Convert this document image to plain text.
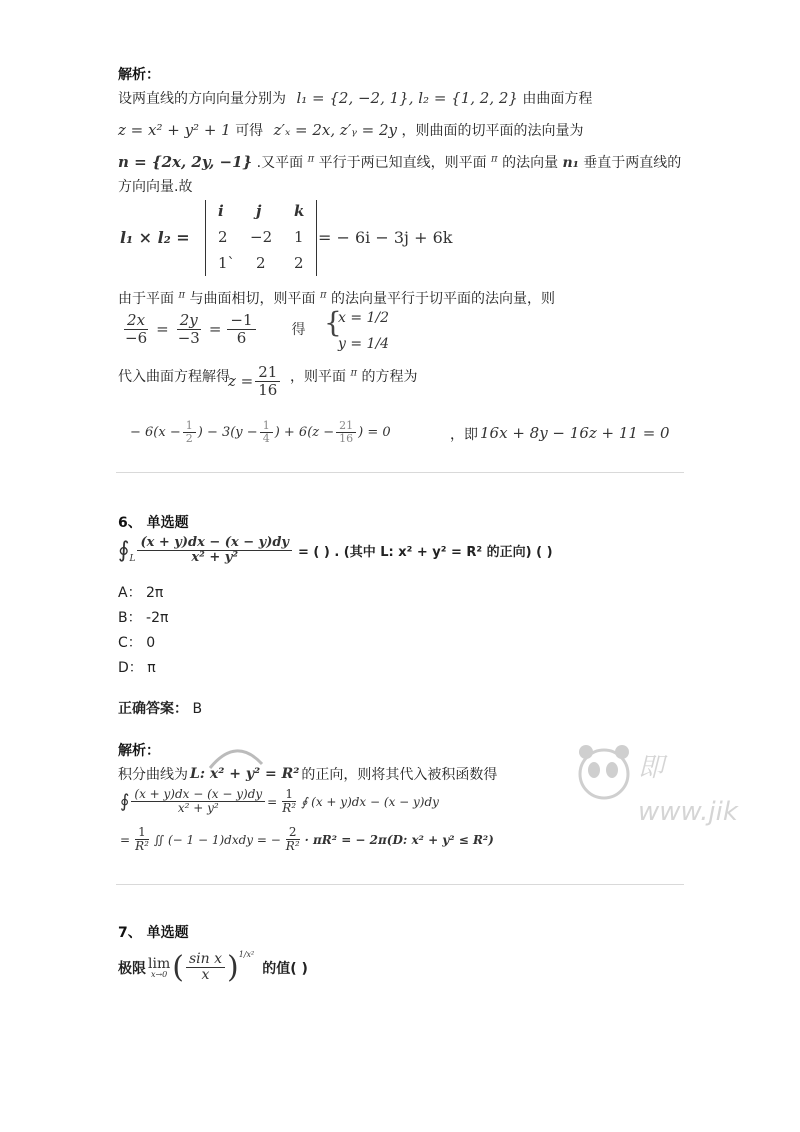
解析：
设两直线的方向向量分别为 l₁ = {2, −2, 1}, l₂ = {1, 2, 2} 由曲面方程
z = x² + y² + 1 可得 z′ₓ = 2x, z′ᵧ = 2y ，则曲面的切平面的法向量为
n = {2x, 2y, −1} .又平面 $^\pi$ 平行于两已知直线，则平面 $^\pi$ 的法向量 n₁ 垂直于两直线的
方向向量.故
l₁ × l₂ =
i j k
2 −2 1
1` 2 2
= − 6i − 3j + 6k
由于平面 $^\pi$ 与曲面相切，则平面 $^\pi$ 的法向量平行于切平面的法向量，则
$\frac{2x}{-6} = \frac{2y}{-3} = \frac{-1}{6}$	得 {
x = 1/2
y = 1/4
代入曲面方程解得
$z = \frac{21}{16}$ ，则平面 $^\pi$ 的方程为
− $6(x - \frac{1}{2}$ ) − $3(y - \frac{1}{4}$ ) + $6(z - \frac{21}{16}$ ) = 0	，即 16x + 8y − 16z + 11 = 0
6、 单选题
∮ L $\frac{(x + y)dx - (x - y)dy}{\text{x² + y²}}$ = ( ) . (其中 L: x² + y² = R² 的正向) ( )
A： 2π
B： -2π
C： 0
D： π
正确答案： B
解析：
即
www.jik
积分曲线为 L: x² + y² = R² 的正向，则将其代入被积函数得
∮ $\frac{(x + y)dx - (x - y)dy}{\text{x² + y²}} = \frac{1}{\text{R²}}$ ∮ (x + y)dx − (x − y)dy
= $\frac{1}{\text{R²}}$ ∬ (− 1 − 1)dxdy = − $\frac{2}{\text{R²}} \cdot \pi R^2$ = − 2π(D: x² + y² ≤ R²)
7、 单选题
极限 lim
x→0 ( $\frac{\text{sin x}}{x}$ ) 1/x²
的值( )
